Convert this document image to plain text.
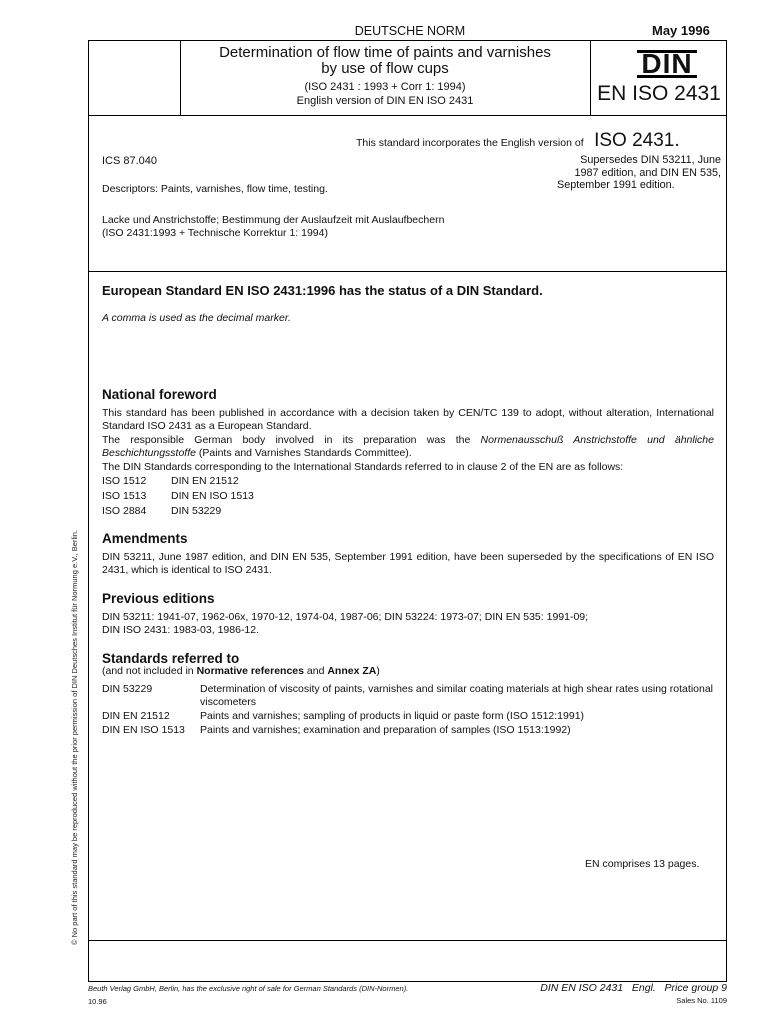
DEUTSCHE NORM	May 1996
Determination of flow time of paints and varnishes
by use of flow cups
(ISO 2431 : 1993 + Corr 1: 1994)
English version of DIN EN ISO 2431
DIN
EN ISO 2431
This standard incorporates the English version of ISO 2431.
ICS 87.040	Supersedes DIN 53211, June
1987 edition, and DIN EN 535,
September 1991 edition.
Descriptors: Paints, varnishes, flow time, testing.
Lacke und Anstrichstoffe; Bestimmung der Auslaufzeit mit Auslaufbechern
(ISO 2431:1993 + Technische Korrektur 1: 1994)
European Standard EN ISO 2431:1996 has the status of a DIN Standard.
A comma is used as the decimal marker.
National foreword
This standard has been published in accordance with a decision taken by CEN/TC 139 to adopt, without alteration, International Standard ISO 2431 as a European Standard.
The responsible German body involved in its preparation was the Normenausschuß Anstrichstoffe und ähnliche Beschichtungsstoffe (Paints and Varnishes Standards Committee).
The DIN Standards corresponding to the International Standards referred to in clause 2 of the EN are as follows:
ISO 1512 DIN EN 21512
ISO 1513 DIN EN ISO 1513
ISO 2884 DIN 53229
Amendments
DIN 53211, June 1987 edition, and DIN EN 535, September 1991 edition, have been superseded by the specifications of EN ISO 2431, which is identical to ISO 2431.
Previous editions
DIN 53211: 1941-07, 1962-06x, 1970-12, 1974-04, 1987-06; DIN 53224: 1973-07; DIN EN 535: 1991-09;
DIN ISO 2431: 1983-03, 1986-12.
Standards referred to
(and not included in Normative references and Annex ZA)
DIN 53229	Determination of viscosity of paints, varnishes and similar coating materials at high shear rates using rotational viscometers
DIN EN 21512	Paints and varnishes; sampling of products in liquid or paste form (ISO 1512:1991)
DIN EN ISO 1513	Paints and varnishes; examination and preparation of samples (ISO 1513:1992)
EN comprises 13 pages.
© No part of this standard may be reproduced without the prior permission of DIN Deutsches Institut für Normung e.V., Berlin.
Beuth Verlag GmbH, Berlin, has the exclusive right of sale for German Standards (DIN-Normen).
10.96
DIN EN ISO 2431   Engl.   Price group 9
Sales No. 1109
